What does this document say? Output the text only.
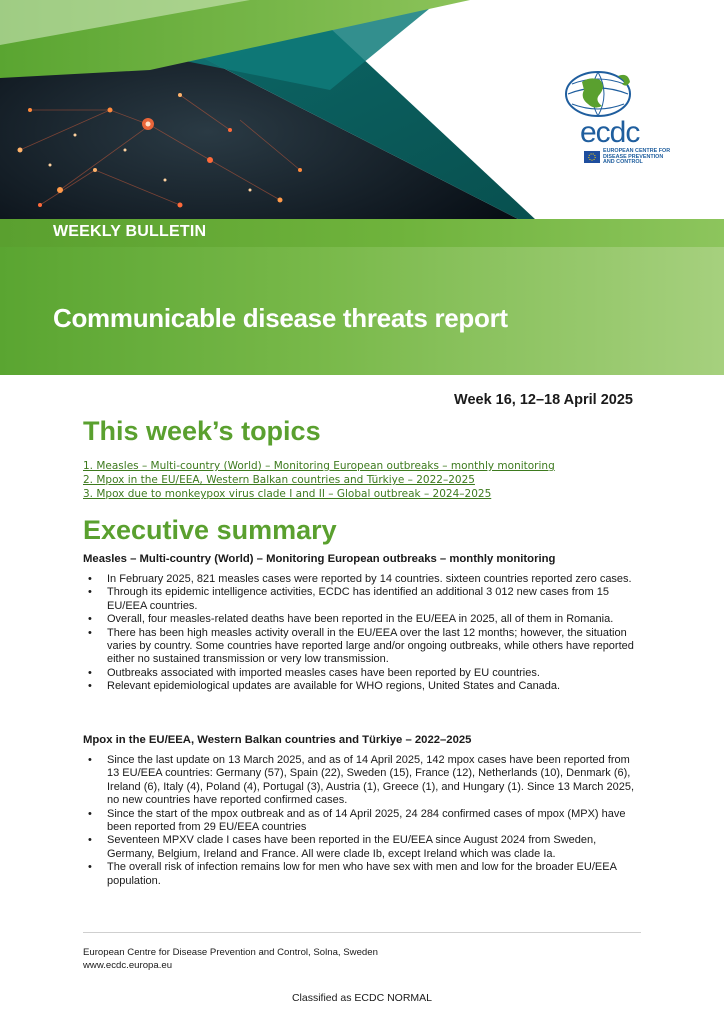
ecdc
EUROPEAN CENTRE FOR
DISEASE PREVENTION
AND CONTROL
WEEKLY BULLETIN
Communicable disease threats report
Week 16, 12–18 April 2025
This week’s topics
1. Measles – Multi-country (World) – Monitoring European outbreaks – monthly monitoring
2. Mpox in the EU/EEA, Western Balkan countries and Türkiye – 2022–2025
3. Mpox due to monkeypox virus clade I and II – Global outbreak – 2024–2025
Executive summary
Measles – Multi-country (World) – Monitoring European outbreaks – monthly monitoring
• In February 2025, 821 measles cases were reported by 14 countries. sixteen countries reported zero cases.
• Through its epidemic intelligence activities, ECDC has identified an additional 3 012 new cases from 15 EU/EEA countries.
• Overall, four measles-related deaths have been reported in the EU/EEA in 2025, all of them in Romania.
• There has been high measles activity overall in the EU/EEA over the last 12 months; however, the situation varies by country. Some countries have reported large and/or ongoing outbreaks, while others have reported either no sustained transmission or very low transmission.
• Outbreaks associated with imported measles cases have been reported by EU countries.
• Relevant epidemiological updates are available for WHO regions, United States and Canada.
Mpox in the EU/EEA, Western Balkan countries and Türkiye – 2022–2025
• Since the last update on 13 March 2025, and as of 14 April 2025, 142 mpox cases have been reported from 13 EU/EEA countries: Germany (57), Spain (22), Sweden (15), France (12), Netherlands (10), Denmark (6), Ireland (6), Italy (4), Poland (4), Portugal (3), Austria (1), Greece (1), and Hungary (1). Since 13 March 2025, no new countries have reported confirmed cases.
• Since the start of the mpox outbreak and as of 14 April 2025, 24 284 confirmed cases of mpox (MPX) have been reported from 29 EU/EEA countries
• Seventeen MPXV clade I cases have been reported in the EU/EEA since August 2024 from Sweden, Germany, Belgium, Ireland and France. All were clade Ib, except Ireland which was clade Ia.
• The overall risk of infection remains low for men who have sex with men and low for the broader EU/EEA population.
European Centre for Disease Prevention and Control, Solna, Sweden
www.ecdc.europa.eu
Classified as ECDC NORMAL
